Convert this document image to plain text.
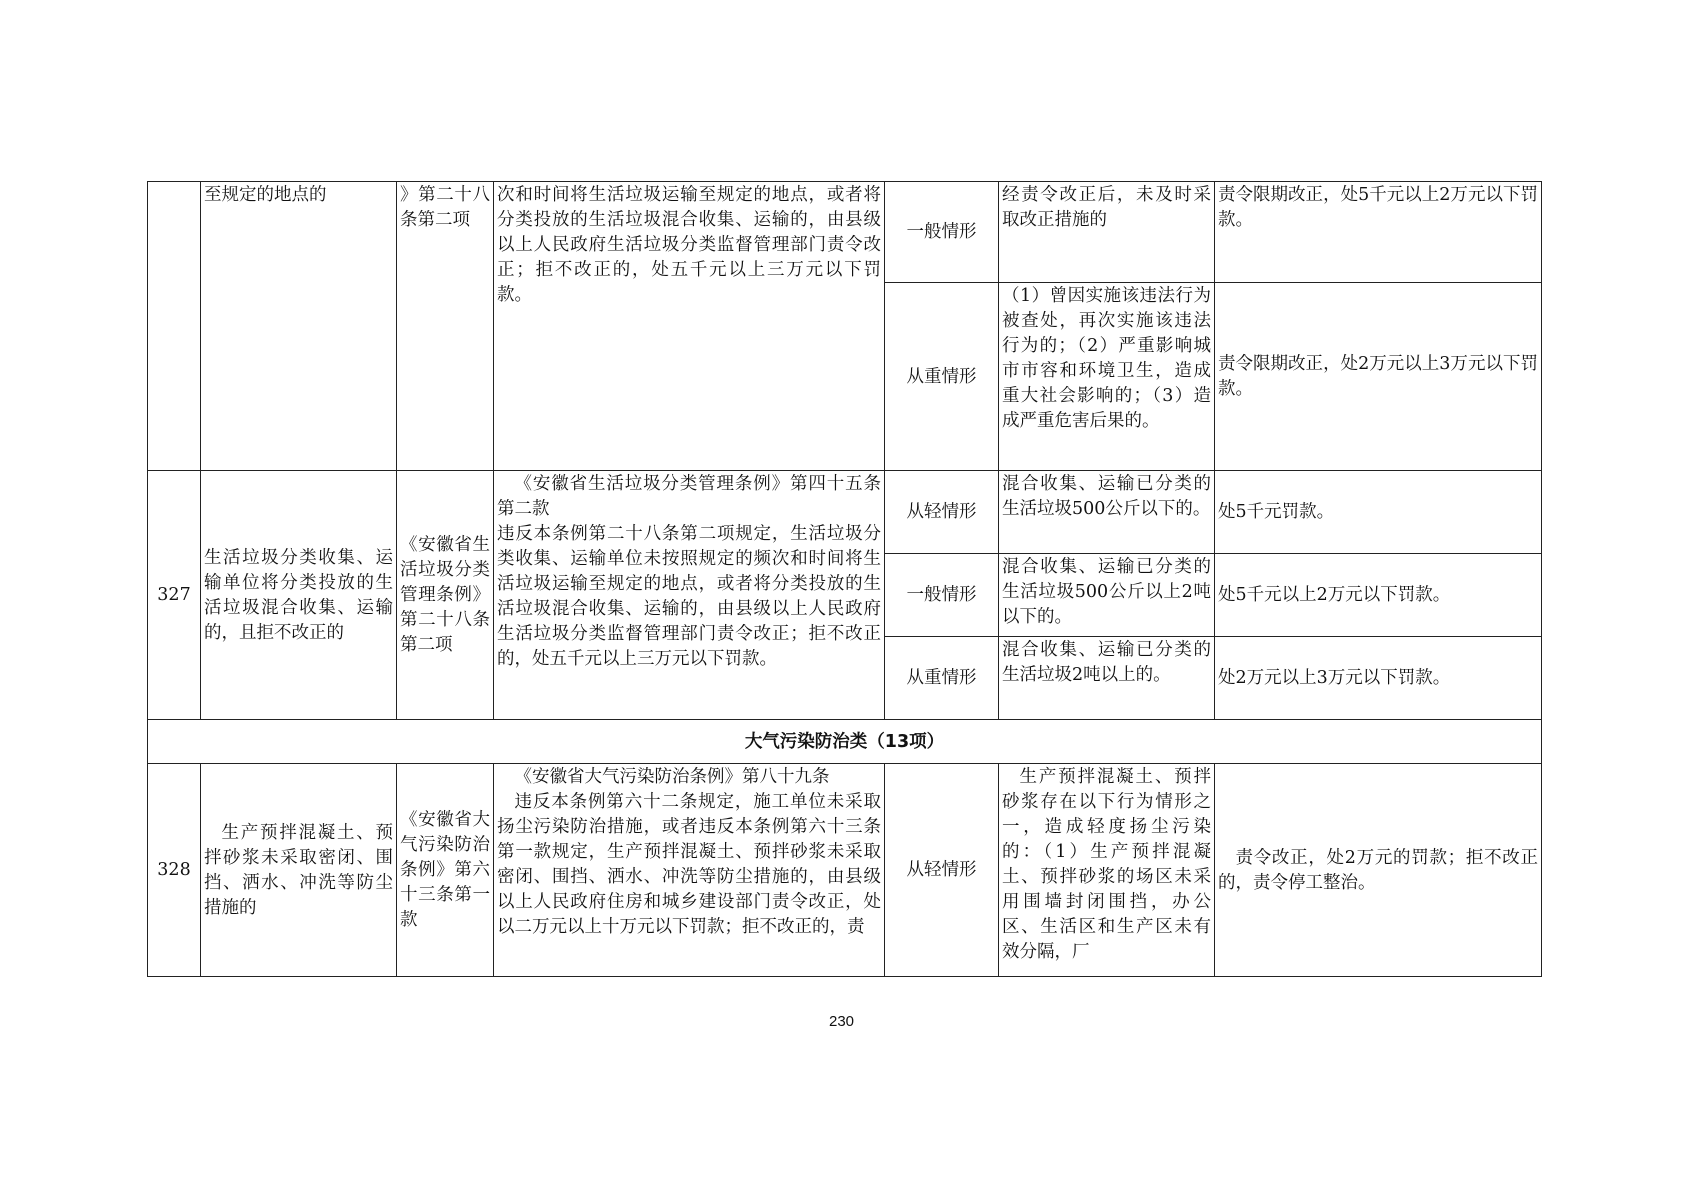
	至规定的地点的	》第二十八条第二项	次和时间将生活垃圾运输至规定的地点，或者将分类投放的生活垃圾混合收集、运输的，由县级以上人民政府生活垃圾分类监督管理部门责令改正；拒不改正的，处五千元以上三万元以下罚款。	一般情形	经责令改正后，未及时采取改正措施的	责令限期改正，处5千元以上2万元以下罚款。
				从重情形	（1）曾因实施该违法行为被查处，再次实施该违法行为的；（2）严重影响城市市容和环境卫生，造成重大社会影响的；（3）造成严重危害后果的。	责令限期改正，处2万元以上3万元以下罚款。
327	生活垃圾分类收集、运输单位将分类投放的生活垃圾混合收集、运输的，且拒不改正的	《安徽省生活垃圾分类管理条例》第二十八条第二项	《安徽省生活垃圾分类管理条例》第四十五条第二款
违反本条例第二十八条第二项规定，生活垃圾分类收集、运输单位未按照规定的频次和时间将生活垃圾运输至规定的地点，或者将分类投放的生活垃圾混合收集、运输的，由县级以上人民政府生活垃圾分类监督管理部门责令改正；拒不改正的，处五千元以上三万元以下罚款。	从轻情形	混合收集、运输已分类的生活垃圾500公斤以下的。	处5千元罚款。
				一般情形	混合收集、运输已分类的生活垃圾500公斤以上2吨以下的。	处5千元以上2万元以下罚款。
				从重情形	混合收集、运输已分类的生活垃圾2吨以上的。	处2万元以上3万元以下罚款。
大气污染防治类（13项）						
328	生产预拌混凝土、预拌砂浆未采取密闭、围挡、洒水、冲洗等防尘措施的	《安徽省大气污染防治条例》第六十三条第一款	《安徽省大气污染防治条例》第八十九条
违反本条例第六十二条规定，施工单位未采取扬尘污染防治措施，或者违反本条例第六十三条第一款规定，生产预拌混凝土、预拌砂浆未采取密闭、围挡、洒水、冲洗等防尘措施的，由县级以上人民政府住房和城乡建设部门责令改正，处以二万元以上十万元以下罚款；拒不改正的，责	从轻情形	生产预拌混凝土、预拌砂浆存在以下行为情形之一，造成轻度扬尘污染的：（1）生产预拌混凝土、预拌砂浆的场区未采用围墙封闭围挡，办公区、生活区和生产区未有效分隔，厂	责令改正，处2万元的罚款；拒不改正的，责令停工整治。
230
